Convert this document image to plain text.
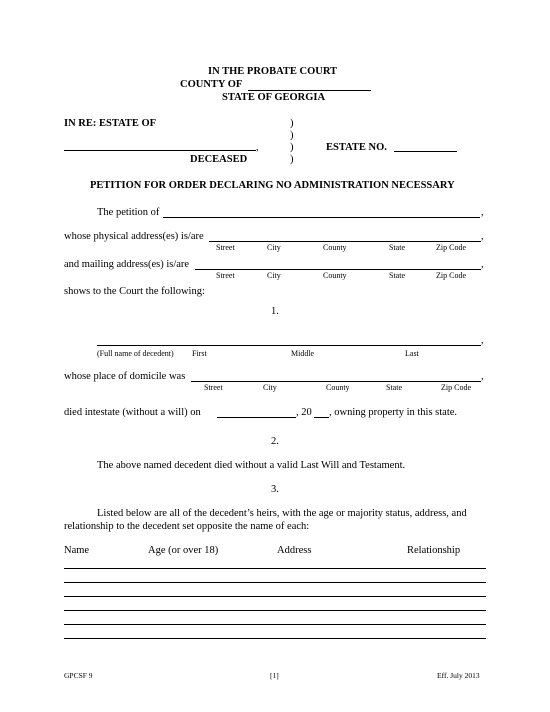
IN THE PROBATE COURT
COUNTY OF
STATE OF GEORGIA
IN RE: ESTATE OF	)
)
,	)	ESTATE NO.
DECEASED	)
PETITION FOR ORDER DECLARING NO ADMINISTRATION NECESSARY
The petition of	,
whose physical address(es) is/are	,
Street	City	County	State	Zip Code
and mailing address(es) is/are	,
Street	City	County	State	Zip Code
shows to the Court the following:
1.
,
(Full name of decedent) First	Middle	Last
whose place of domicile was	,
Street	City	County	State	Zip Code
died intestate (without a will) on	, 20 , owning property in this state.
2.
The above named decedent died without a valid Last Will and Testament.
3.
Listed below are all of the decedent’s heirs, with the age or majority status, address, and
relationship to the decedent set opposite the name of each:
Name	Age (or over 18)	Address	Relationship
GPCSF 9	[1]	Eff. July 2013
